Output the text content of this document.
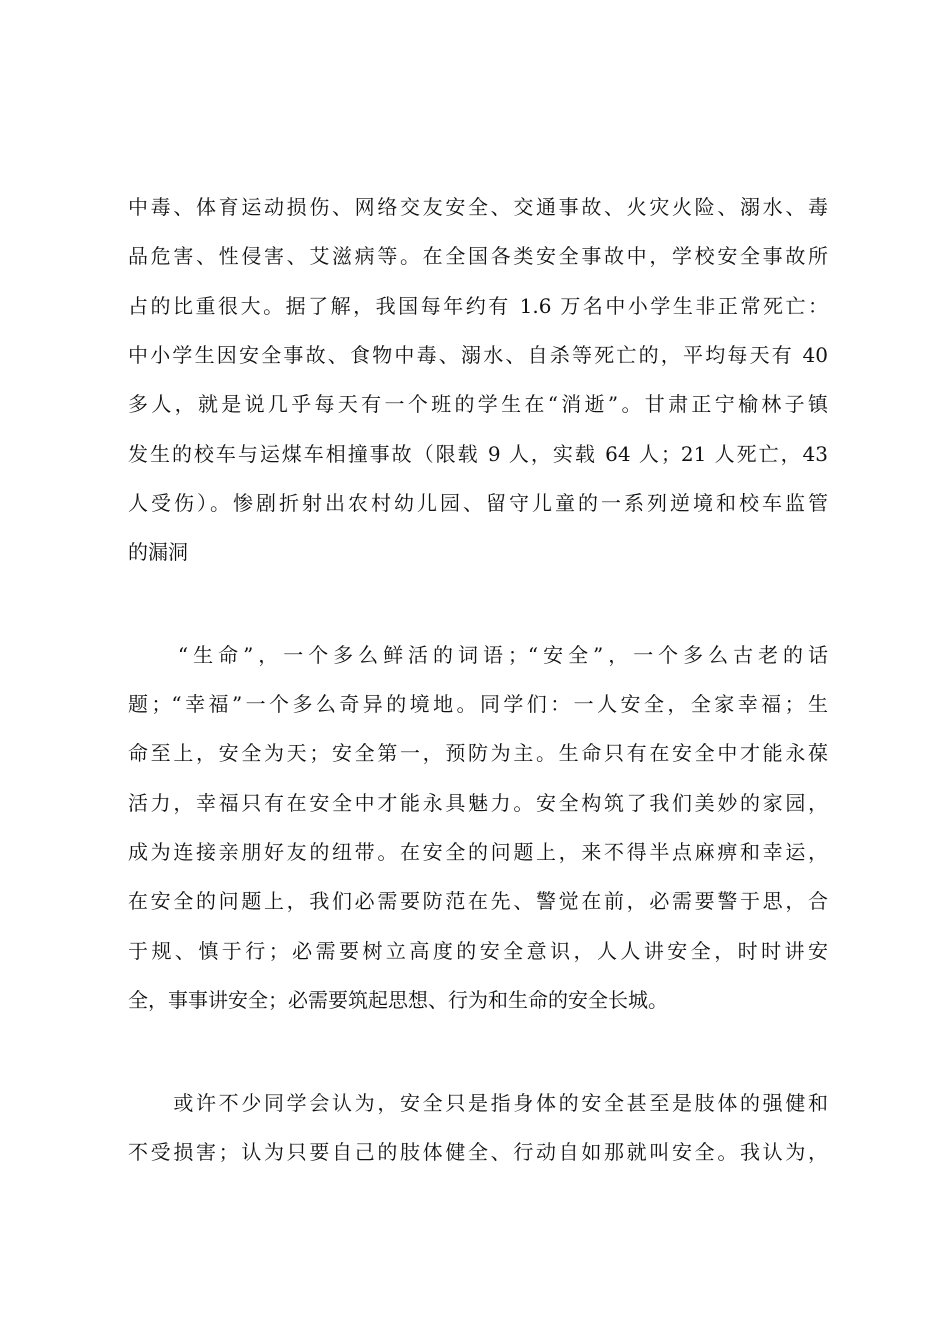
中毒、体育运动损伤、网络交友安全、交通事故、火灾火险、溺水、毒
品危害、性侵害、艾滋病等。在全国各类安全事故中，学校安全事故所
占的比重很大。据了解，我国每年约有 1.6 万名中小学生非正常死亡：
中小学生因安全事故、食物中毒、溺水、自杀等死亡的，平均每天有 40
多人，就是说几乎每天有一个班的学生在“消逝”。甘肃正宁榆林子镇
发生的校车与运煤车相撞事故（限载 9 人，实载 64 人；21 人死亡，43
人受伤）。惨剧折射出农村幼儿园、留守儿童的一系列逆境和校车监管
的漏洞
　　“生命”，一个多么鲜活的词语；“安全”，一个多么古老的话
题；“幸福”一个多么奇异的境地。同学们：一人安全，全家幸福；生
命至上，安全为天；安全第一，预防为主。生命只有在安全中才能永葆
活力，幸福只有在安全中才能永具魅力。安全构筑了我们美妙的家园，
成为连接亲朋好友的纽带。在安全的问题上，来不得半点麻痹和幸运，
在安全的问题上，我们必需要防范在先、警觉在前，必需要警于思，合
于规、慎于行；必需要树立高度的安全意识，人人讲安全，时时讲安
全，事事讲安全；必需要筑起思想、行为和生命的安全长城。
　　或许不少同学会认为，安全只是指身体的安全甚至是肢体的强健和
不受损害；认为只要自己的肢体健全、行动自如那就叫安全。我认为，
